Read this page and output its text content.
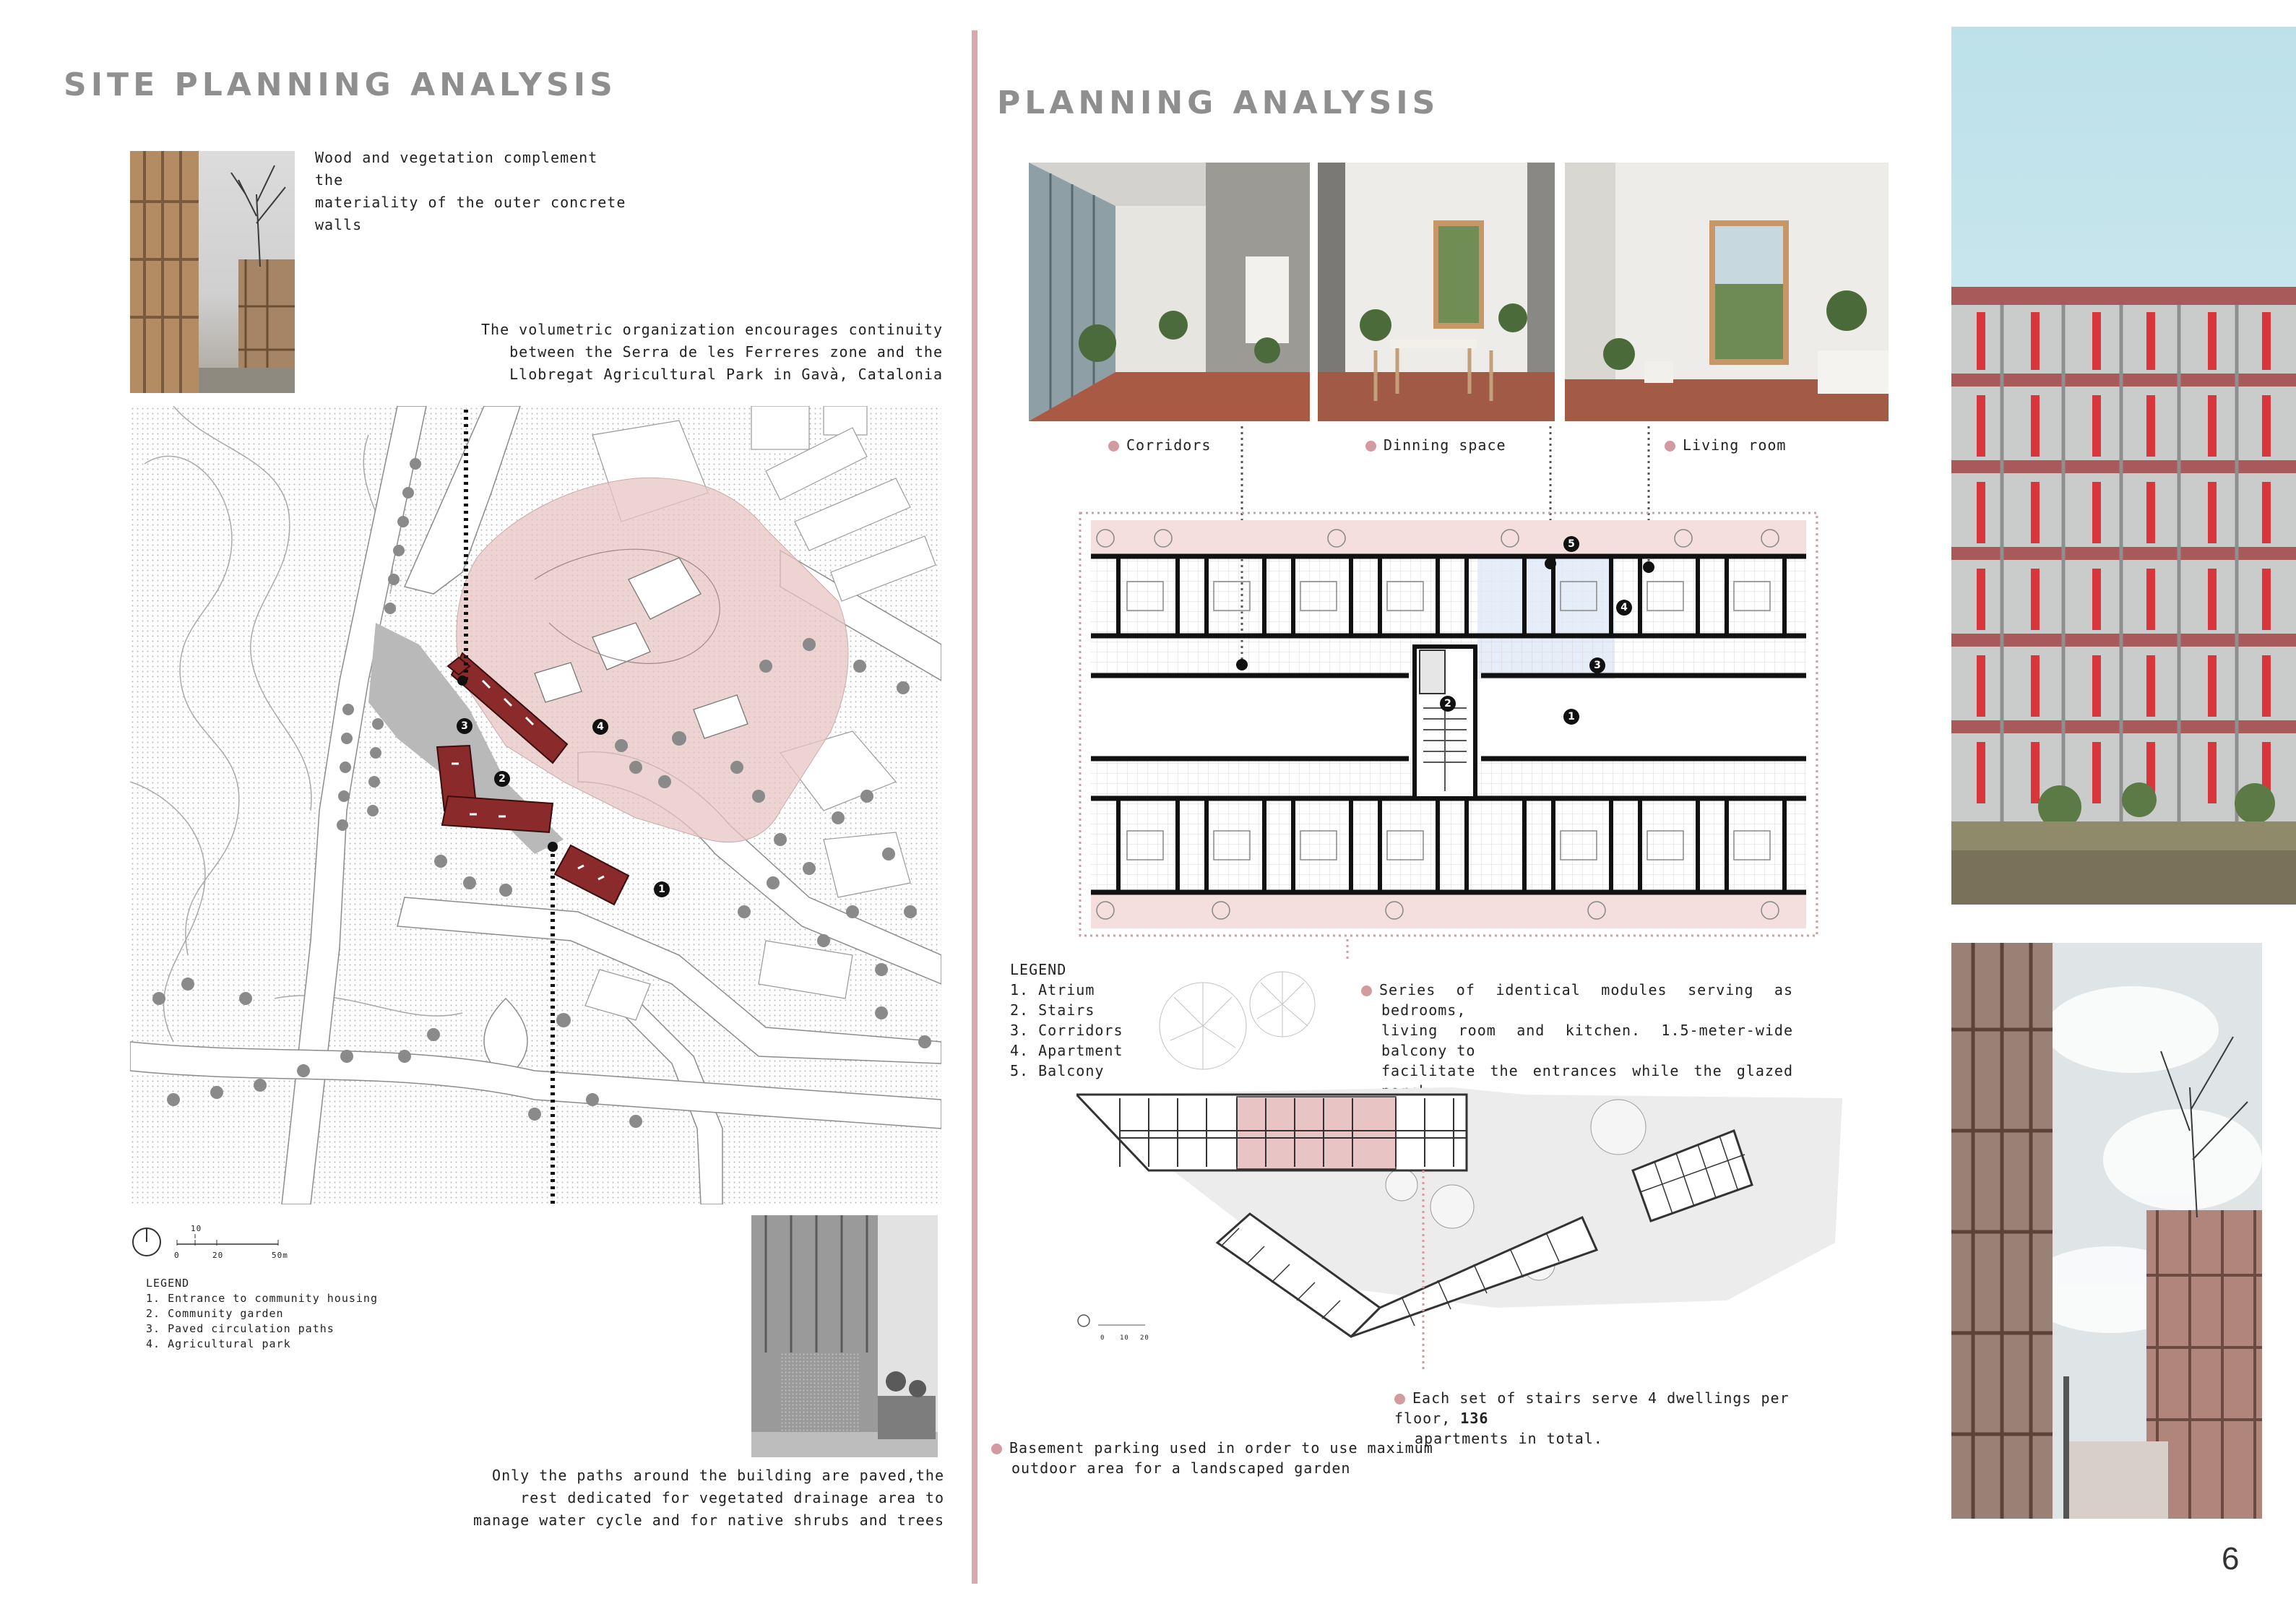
SITE PLANNING ANALYSIS
Wood and vegetation complement the
materiality of the outer concrete walls
The volumetric organization encourages continuity
between the Serra de les Ferreres zone and the
Llobregat Agricultural Park in Gavà, Catalonia
1
2
3	4
10
0	20	50m
LEGEND
1. Entrance to community housing
2. Community garden
3. Paved circulation paths
4. Agricultural park
Only the paths around the building are paved,the
rest dedicated for vegetated drainage area to
manage water cycle and for native shrubs and trees
PLANNING ANALYSIS
Corridors	Dinning space	Living room
1
2
3
4
5
LEGEND
1. Atrium
2. Stairs
3. Corridors
4. Apartment
5. Balcony
Series of identical modules serving as bedrooms,
living room and kitchen. 1.5-meter-wide balcony to
facilitate the entrances while the glazed
0 10 20
Each set of stairs serve 4 dwellings per floor, 136
apartments in total.
Basement parking used in order to use maximum
outdoor area for a landscaped garden
6
